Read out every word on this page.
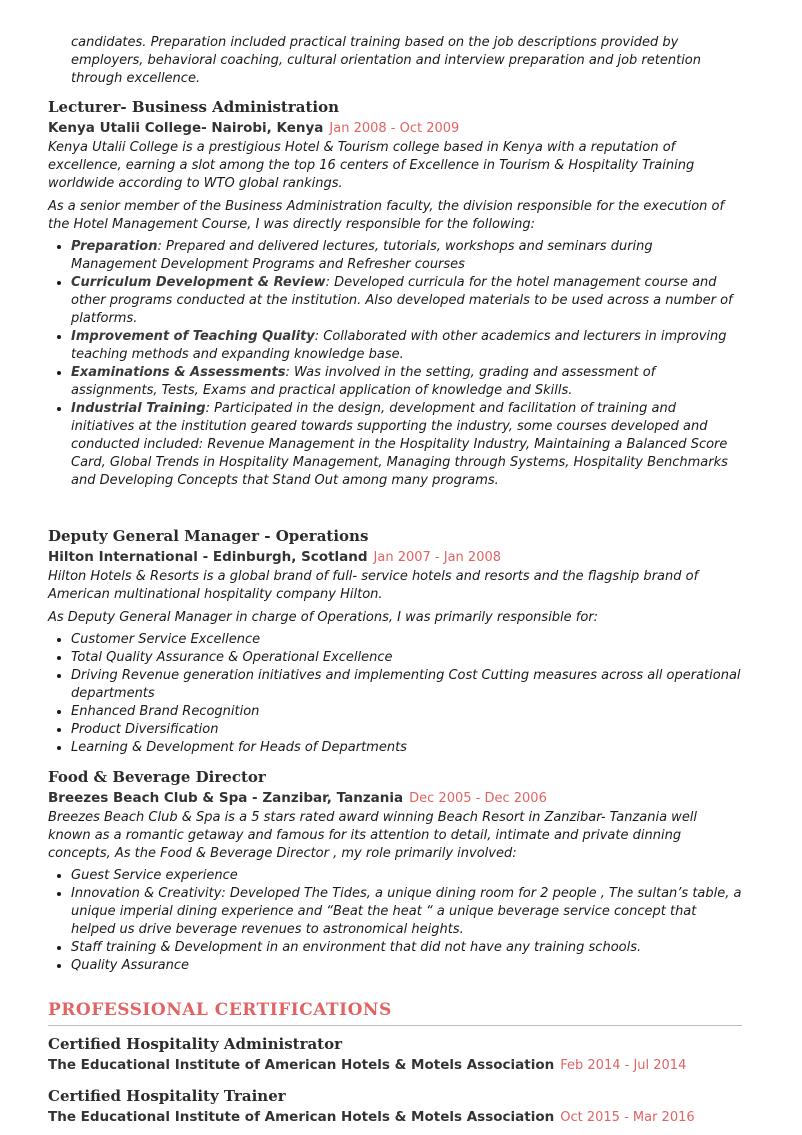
candidates. Preparation included practical training based on the job descriptions provided by employers, behavioral coaching, cultural orientation and interview preparation and job retention through excellence.

Lecturer- Business Administration

Kenya Utalii College- Nairobi, Kenya Jan 2008 - Oct 2009

Kenya Utalii College is a prestigious Hotel & Tourism college based in Kenya with a reputation of excellence, earning a slot among the top 16 centers of Excellence in Tourism & Hospitality Training worldwide according to WTO global rankings.

As a senior member of the Business Administration faculty, the division responsible for the execution of the Hotel Management Course, I was directly responsible for the following:

• Preparation: Prepared and delivered lectures, tutorials, workshops and seminars during Management Development Programs and Refresher courses
• Curriculum Development & Review: Developed curricula for the hotel management course and other programs conducted at the institution. Also developed materials to be used across a number of platforms.
• Improvement of Teaching Quality: Collaborated with other academics and lecturers in improving teaching methods and expanding knowledge base.
• Examinations & Assessments: Was involved in the setting, grading and assessment of assignments, Tests, Exams and practical application of knowledge and Skills.
• Industrial Training: Participated in the design, development and facilitation of training and initiatives at the institution geared towards supporting the industry, some courses developed and conducted included: Revenue Management in the Hospitality Industry, Maintaining a Balanced Score Card, Global Trends in Hospitality Management, Managing through Systems, Hospitality Benchmarks and Developing Concepts that Stand Out among many programs.
Deputy General Manager - Operations

Hilton International - Edinburgh, Scotland Jan 2007 - Jan 2008

Hilton Hotels & Resorts is a global brand of full- service hotels and resorts and the flagship brand of American multinational hospitality company Hilton.

As Deputy General Manager in charge of Operations, I was primarily responsible for:

• Customer Service Excellence
• Total Quality Assurance & Operational Excellence
• Driving Revenue generation initiatives and implementing Cost Cutting measures across all operational departments
• Enhanced Brand Recognition
• Product Diversification
• Learning & Development for Heads of Departments
Food & Beverage Director

Breezes Beach Club & Spa - Zanzibar, Tanzania Dec 2005 - Dec 2006

Breezes Beach Club & Spa is a 5 stars rated award winning Beach Resort in Zanzibar- Tanzania well known as a romantic getaway and famous for its attention to detail, intimate and private dinning concepts, As the Food & Beverage Director , my role primarily involved:

• Guest Service experience
• Innovation & Creativity: Developed The Tides, a unique dining room for 2 people , The sultan’s table, a unique imperial dining experience and “Beat the heat “ a unique beverage service concept that helped us drive beverage revenues to astronomical heights.
• Staff training & Development in an environment that did not have any training schools.
• Quality Assurance
PROFESSIONAL CERTIFICATIONS
Certified Hospitality Administrator

The Educational Institute of American Hotels & Motels Association Feb 2014 - Jul 2014

Certified Hospitality Trainer

The Educational Institute of American Hotels & Motels Association Oct 2015 - Mar 2016
